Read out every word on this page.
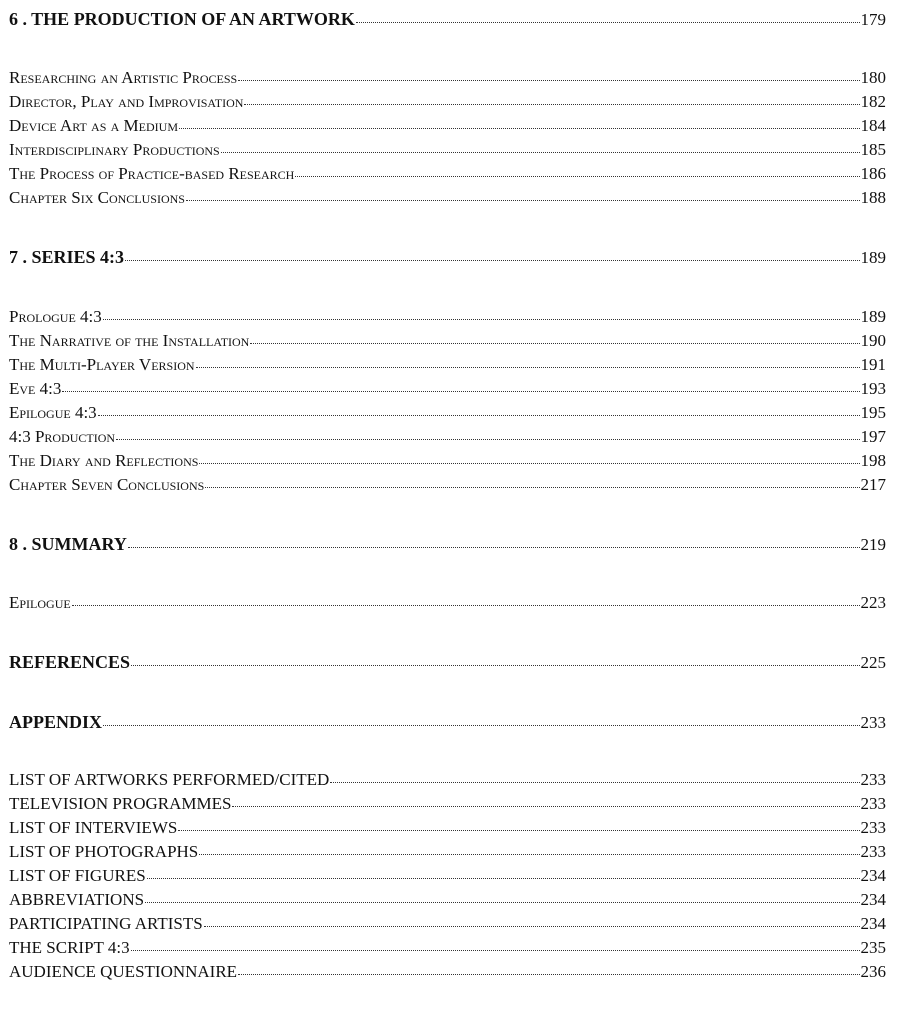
6 . THE PRODUCTION OF AN ARTWORK	179
Researching an Artistic Process	180
Director, Play and Improvisation	182
Device Art as a Medium	184
Interdisciplinary Productions	185
The Process of Practice-based Research	186
Chapter Six Conclusions	188
7 . SERIES 4:3	189
Prologue 4:3	189
The Narrative of the Installation	190
The Multi-Player Version	191
Eve 4:3	193
Epilogue 4:3	195
4:3 Production	197
The Diary and Reflections	198
Chapter Seven Conclusions	217
8 . SUMMARY	219
Epilogue	223
REFERENCES	225
APPENDIX	233
LIST OF ARTWORKS PERFORMED/CITED	233
TELEVISION PROGRAMMES	233
LIST OF INTERVIEWS	233
LIST OF PHOTOGRAPHS	233
LIST OF FIGURES	234
ABBREVIATIONS	234
PARTICIPATING ARTISTS	234
THE SCRIPT 4:3	235
AUDIENCE QUESTIONNAIRE	236
